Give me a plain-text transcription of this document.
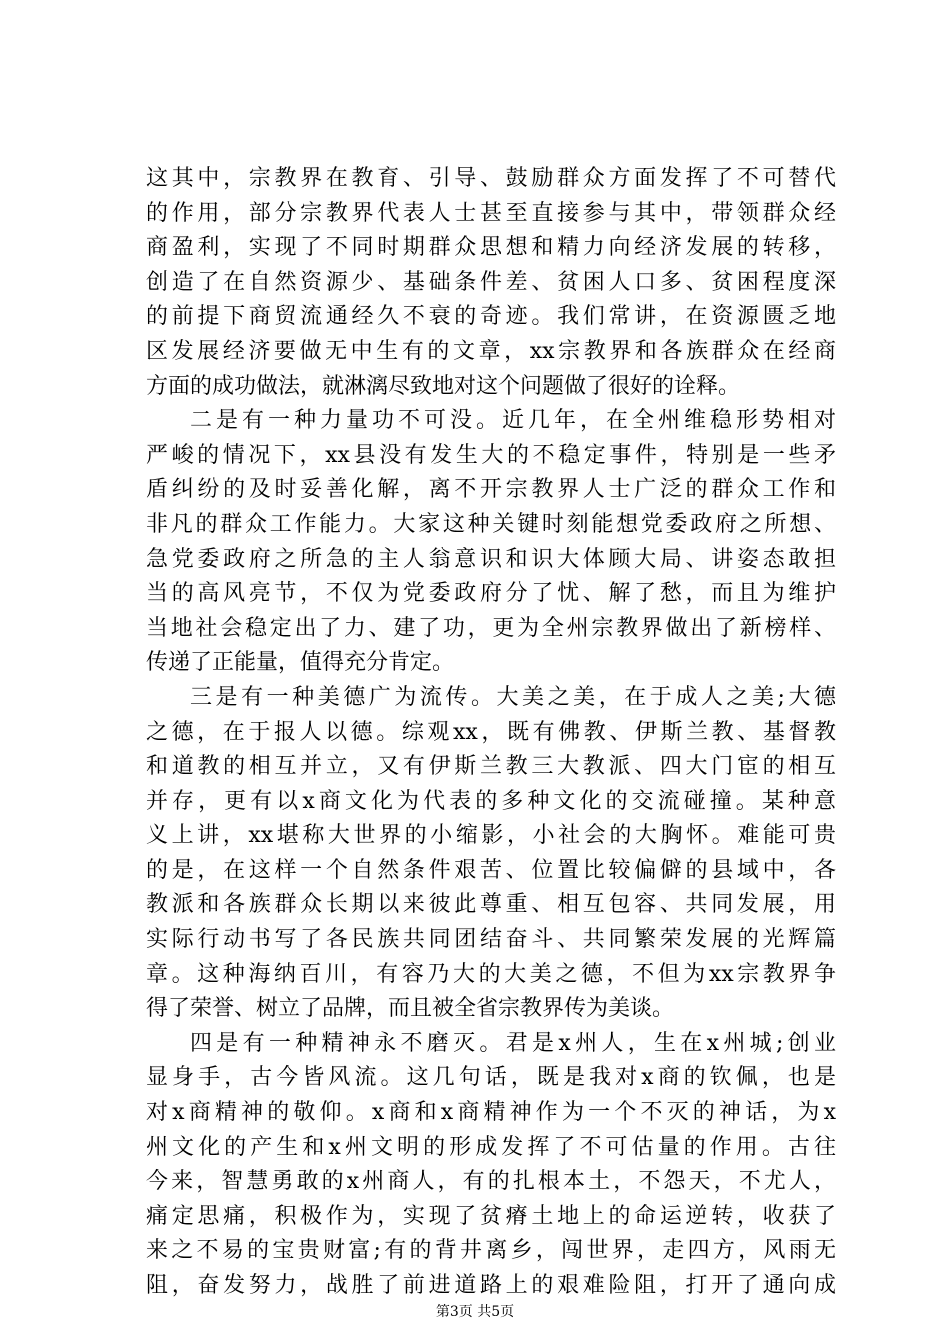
这其中，宗教界在教育、引导、鼓励群众方面发挥了不可替代
的作用，部分宗教界代表人士甚至直接参与其中，带领群众经
商盈利，实现了不同时期群众思想和精力向经济发展的转移，
创造了在自然资源少、基础条件差、贫困人口多、贫困程度深
的前提下商贸流通经久不衰的奇迹。我们常讲，在资源匮乏地
区发展经济要做无中生有的文章，xx宗教界和各族群众在经商
方面的成功做法，就淋漓尽致地对这个问题做了很好的诠释。
二是有一种力量功不可没。近几年，在全州维稳形势相对
严峻的情况下，xx县没有发生大的不稳定事件，特别是一些矛
盾纠纷的及时妥善化解，离不开宗教界人士广泛的群众工作和
非凡的群众工作能力。大家这种关键时刻能想党委政府之所想、
急党委政府之所急的主人翁意识和识大体顾大局、讲姿态敢担
当的高风亮节，不仅为党委政府分了忧、解了愁，而且为维护
当地社会稳定出了力、建了功，更为全州宗教界做出了新榜样、
传递了正能量，值得充分肯定。
三是有一种美德广为流传。大美之美，在于成人之美;大德
之德，在于报人以德。综观xx，既有佛教、伊斯兰教、基督教
和道教的相互并立，又有伊斯兰教三大教派、四大门宦的相互
并存，更有以x商文化为代表的多种文化的交流碰撞。某种意
义上讲，xx堪称大世界的小缩影，小社会的大胸怀。难能可贵
的是，在这样一个自然条件艰苦、位置比较偏僻的县域中，各
教派和各族群众长期以来彼此尊重、相互包容、共同发展，用
实际行动书写了各民族共同团结奋斗、共同繁荣发展的光辉篇
章。这种海纳百川，有容乃大的大美之德，不但为xx宗教界争
得了荣誉、树立了品牌，而且被全省宗教界传为美谈。
四是有一种精神永不磨灭。君是x州人，生在x州城;创业
显身手，古今皆风流。这几句话，既是我对x商的钦佩，也是
对x商精神的敬仰。x商和x商精神作为一个不灭的神话，为x
州文化的产生和x州文明的形成发挥了不可估量的作用。古往
今来，智慧勇敢的x州商人，有的扎根本土，不怨天，不尤人，
痛定思痛，积极作为，实现了贫瘠土地上的命运逆转，收获了
来之不易的宝贵财富;有的背井离乡，闯世界，走四方，风雨无
阻，奋发努力，战胜了前进道路上的艰难险阻，打开了通向成
第3页 共5页
